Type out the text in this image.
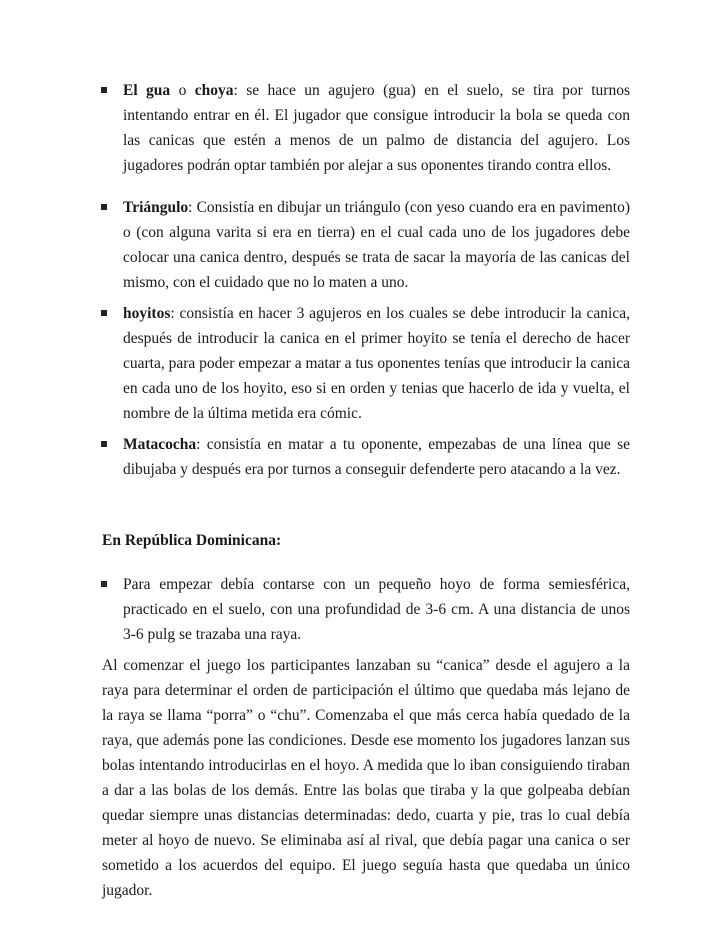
El gua o choya: se hace un agujero (gua) en el suelo, se tira por turnos intentando entrar en él. El jugador que consigue introducir la bola se queda con las canicas que estén a menos de un palmo de distancia del agujero. Los jugadores podrán optar también por alejar a sus oponentes tirando contra ellos.
Triángulo: Consistía en dibujar un triángulo (con yeso cuando era en pavimento) o (con alguna varita si era en tierra) en el cual cada uno de los jugadores debe colocar una canica dentro, después se trata de sacar la mayoría de las canicas del mismo, con el cuidado que no lo maten a uno.
hoyitos: consistía en hacer 3 agujeros en los cuales se debe introducir la canica, después de introducir la canica en el primer hoyito se tenía el derecho de hacer cuarta, para poder empezar a matar a tus oponentes tenías que introducir la canica en cada uno de los hoyito, eso si en orden y tenias que hacerlo de ida y vuelta, el nombre de la última metida era cómic.
Matacocha: consistía en matar a tu oponente, empezabas de una línea que se dibujaba y después era por turnos a conseguir defenderte pero atacando a la vez.

En República Dominicana:

Para empezar debía contarse con un pequeño hoyo de forma semiesférica, practicado en el suelo, con una profundidad de 3-6 cm. A una distancia de unos 3-6 pulg se trazaba una raya.

Al comenzar el juego los participantes lanzaban su “canica” desde el agujero a la raya para determinar el orden de participación el último que quedaba más lejano de la raya se llama “porra” o “chu”. Comenzaba el que más cerca había quedado de la raya, que además pone las condiciones. Desde ese momento los jugadores lanzan sus bolas intentando introducirlas en el hoyo. A medida que lo iban consiguiendo tiraban a dar a las bolas de los demás. Entre las bolas que tiraba y la que golpeaba debían quedar siempre unas distancias determinadas: dedo, cuarta y pie, tras lo cual debía meter al hoyo de nuevo. Se eliminaba así al rival, que debía pagar una canica o ser sometido a los acuerdos del equipo. El juego seguía hasta que quedaba un único jugador.
